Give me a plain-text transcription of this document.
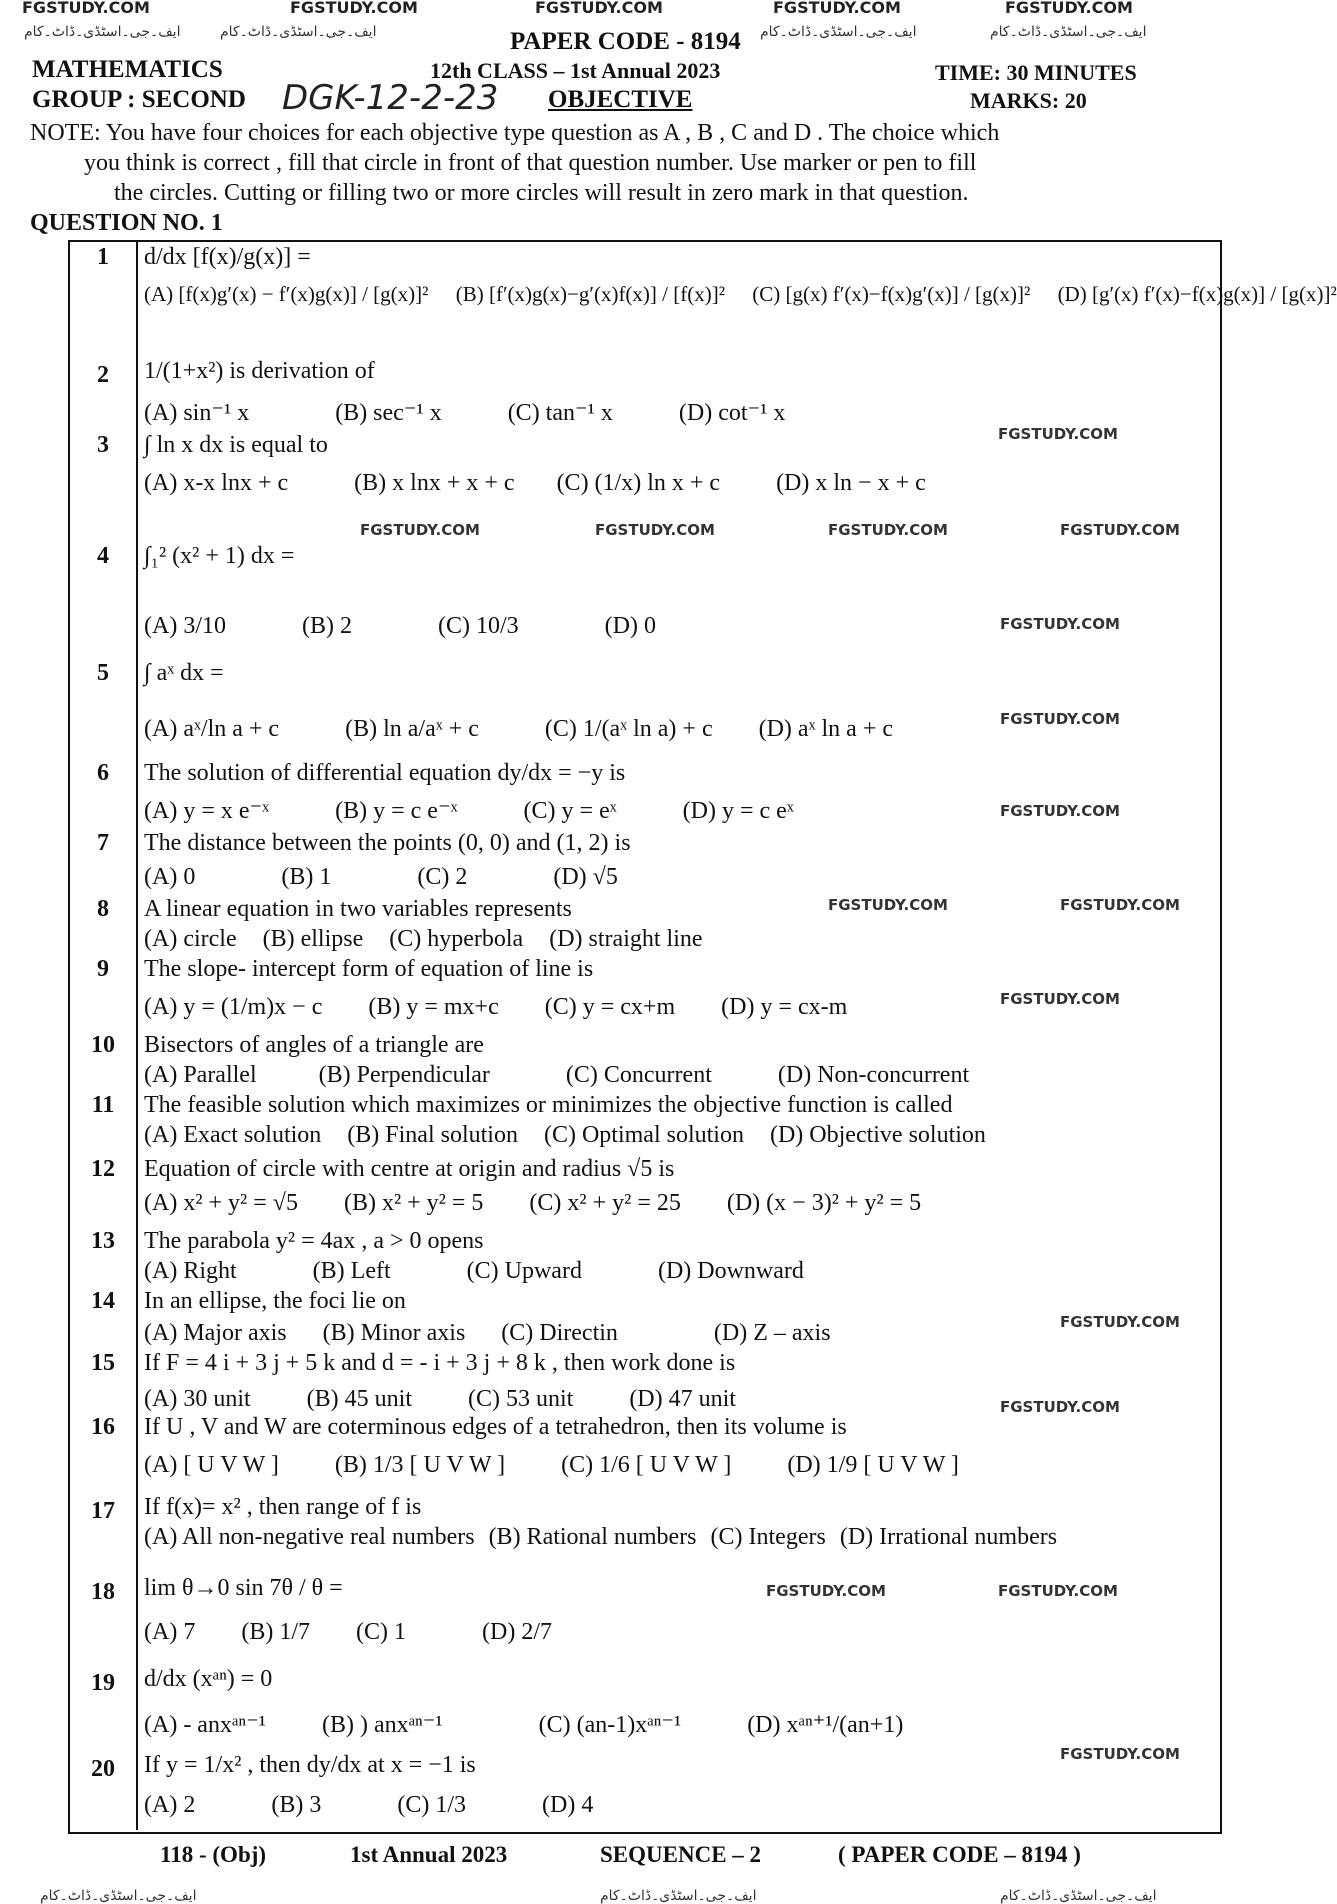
FGSTUDY.COM	FGSTUDY.COM	FGSTUDY.COM	FGSTUDY.COM	FGSTUDY.COM
ایف۔جی۔اسٹڈی۔ڈاٹ۔کام	ایف۔جی۔اسٹڈی۔ڈاٹ۔کام	ایف۔جی۔اسٹڈی۔ڈاٹ۔کام	ایف۔جی۔اسٹڈی۔ڈاٹ۔کام
PAPER CODE - 8194
MATHEMATICS	12th CLASS – 1st Annual 2023	TIME: 30 MINUTES
GROUP : SECOND DGK-12-2-23 OBJECTIVE	MARKS: 20
NOTE: You have four choices for each objective type question as A , B , C and D . The choice which
you think is correct , fill that circle in front of that question number. Use marker or pen to fill
the circles. Cutting or filling two or more circles will result in zero mark in that question.
QUESTION NO. 1
1	d/dx [f(x)/g(x)] =
(A) [f(x)g′(x) − f′(x)g(x)] / [g(x)]² (B) [f′(x)g(x)−g′(x)f(x)] / [f(x)]² (C) [g(x) f′(x)−f(x)g′(x)] / [g(x)]² (D) [g′(x) f′(x)−f(x)g(x)] / [g(x)]²
2	1/(1+x²) is derivation of
(A) sin⁻¹ x	(B) sec⁻¹ x	(C) tan⁻¹ x	(D) cot⁻¹ x
3	∫ ln x dx is equal to
(A) x-x lnx + c	(B) x lnx + x + c (C) (1/x) ln x + c (D) x ln − x + c
4	∫₁² (x² + 1) dx =
(A) 3/10	(B) 2	(C) 10/3	(D) 0
5	∫ aˣ dx =
(A) aˣ/ln a + c	(B) ln a/aˣ + c	(C) 1/(aˣ ln a) + c (D) aˣ ln a + c
6	The solution of differential equation dy/dx = −y is
(A) y = x e⁻ˣ	(B) y = c e⁻ˣ	(C) y = eˣ	(D) y = c eˣ
7	The distance between the points (0, 0) and (1, 2) is
(A) 0	(B) 1	(C) 2	(D) √5
8	A linear equation in two variables represents
(A) circle (B) ellipse (C) hyperbola (D) straight line
9	The slope- intercept form of equation of line is
(A) y = (1/m)x − c (B) y = mx+c (C) y = cx+m (D) y = cx-m
10	Bisectors of angles of a triangle are
(A) Parallel	(B) Perpendicular	(C) Concurrent	(D) Non-concurrent
11	The feasible solution which maximizes or minimizes the objective function is called
(A) Exact solution (B) Final solution (C) Optimal solution (D) Objective solution
12	Equation of circle with centre at origin and radius √5 is
(A) x² + y² = √5 (B) x² + y² = 5 (C) x² + y² = 25 (D) (x − 3)² + y² = 5
13	The parabola y² = 4ax , a > 0 opens
(A) Right	(B) Left	(C) Upward	(D) Downward
14	In an ellipse, the foci lie on
(A) Major axis (B) Minor axis (C) Directin	(D) Z – axis
15	If F = 4 i + 3 j + 5 k and d = - i + 3 j + 8 k , then work done is
(A) 30 unit (B) 45 unit (C) 53 unit (D) 47 unit
16	If U , V and W are coterminous edges of a tetrahedron, then its volume is
(A) [ U V W ] (B) 1/3 [ U V W ] (C) 1/6 [ U V W ] (D) 1/9 [ U V W ]
17	If f(x)= x² , then range of f is
(A) All non-negative real numbers (B) Rational numbers (C) Integers (D) Irrational numbers
18	lim θ→0 sin 7θ / θ =
(A) 7 (B) 1/7 (C) 1	(D) 2/7
19	d/dx (xᵃⁿ) = 0
(A) - anxᵃⁿ⁻¹ (B) ) anxᵃⁿ⁻¹	(C) (an-1)xᵃⁿ⁻¹	(D) xᵃⁿ⁺¹/(an+1)
20	If y = 1/x² , then dy/dx at x = −1 is
(A) 2	(B) 3	(C) 1/3	(D) 4
FGSTUDY.COM
FGSTUDY.COM	FGSTUDY.COM	FGSTUDY.COM	FGSTUDY.COM
FGSTUDY.COM
FGSTUDY.COM
FGSTUDY.COM
FGSTUDY.COM	FGSTUDY.COM
FGSTUDY.COM
FGSTUDY.COM
FGSTUDY.COM
FGSTUDY.COM	FGSTUDY.COM
FGSTUDY.COM
118 - (Obj)	1st Annual 2023	SEQUENCE – 2	( PAPER CODE – 8194 )
ایف۔جی۔اسٹڈی۔ڈاٹ۔کام	ایف۔جی۔اسٹڈی۔ڈاٹ۔کام	ایف۔جی۔اسٹڈی۔ڈاٹ۔کام
